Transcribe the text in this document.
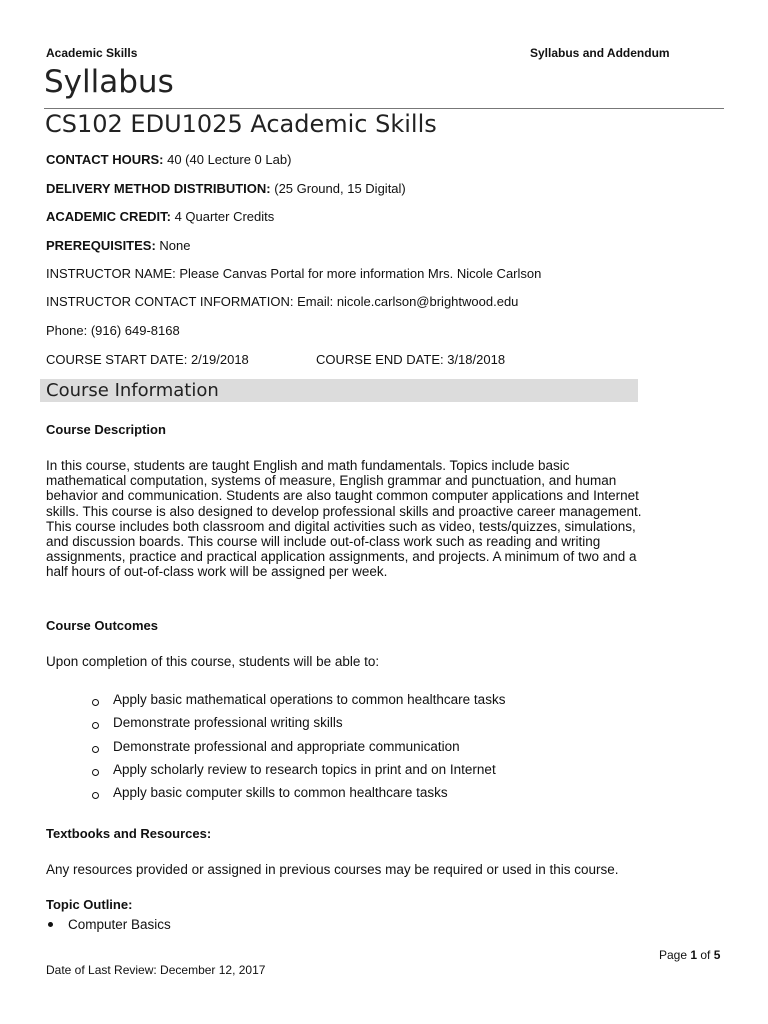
Academic Skills	Syllabus and Addendum
Syllabus
CS102 EDU1025 Academic Skills
CONTACT HOURS: 40 (40 Lecture 0 Lab)
DELIVERY METHOD DISTRIBUTION: (25 Ground, 15 Digital)
ACADEMIC CREDIT: 4 Quarter Credits
PREREQUISITES: None
INSTRUCTOR NAME: Please Canvas Portal for more information Mrs. Nicole Carlson
INSTRUCTOR CONTACT INFORMATION: Email: nicole.carlson@brightwood.edu
Phone: (916) 649-8168
COURSE START DATE: 2/19/2018	COURSE END DATE: 3/18/2018
Course Information
Course Description
In this course, students are taught English and math fundamentals. Topics include basic
mathematical computation, systems of measure, English grammar and punctuation, and human
behavior and communication. Students are also taught common computer applications and Internet
skills. This course is also designed to develop professional skills and proactive career management.
This course includes both classroom and digital activities such as video, tests/quizzes, simulations,
and discussion boards. This course will include out-of-class work such as reading and writing
assignments, practice and practical application assignments, and projects. A minimum of two and a
half hours of out-of-class work will be assigned per week.
Course Outcomes
Upon completion of this course, students will be able to:
Apply basic mathematical operations to common healthcare tasks
Demonstrate professional writing skills
Demonstrate professional and appropriate communication
Apply scholarly review to research topics in print and on Internet
Apply basic computer skills to common healthcare tasks
Textbooks and Resources:
Any resources provided or assigned in previous courses may be required or used in this course.
Topic Outline:
Computer Basics
Page 1 of 5
Date of Last Review: December 12, 2017
